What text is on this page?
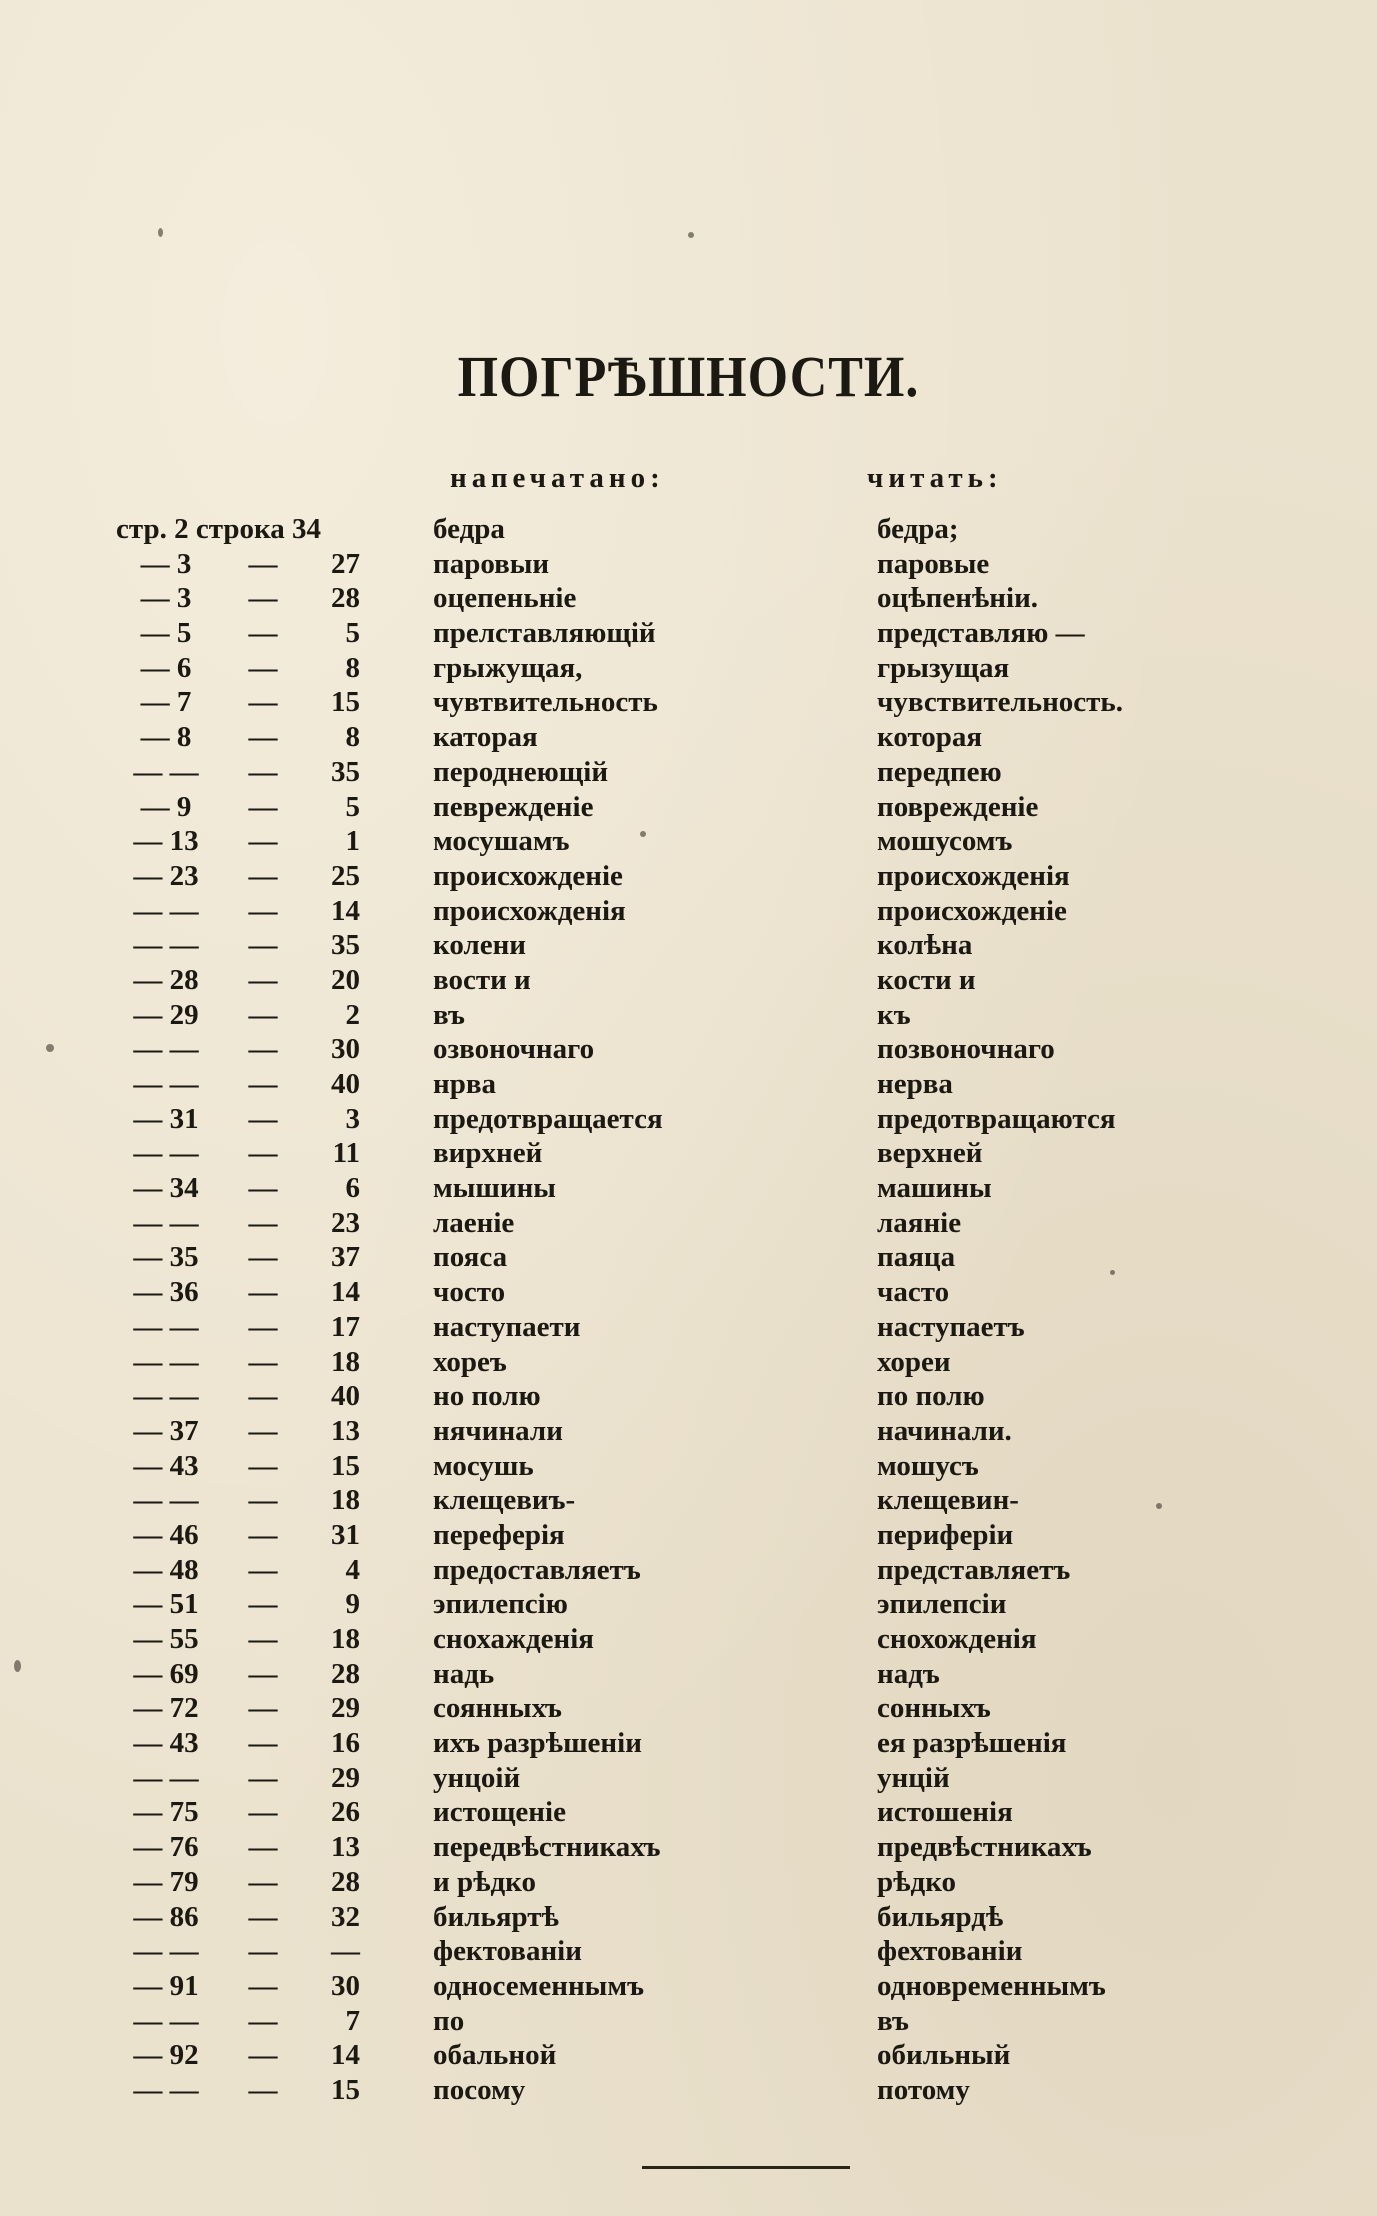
ПОГРѢШНОСТИ.
напечатано:	читать:
стр. 2 строка 34	бедра	бедра;
— 3	—	27	паровыи	паровые
— 3	—	28	оцепеньніе	оцѣпенѣніи.
— 5	—	5	прелставляющій	представляю —
— 6	—	8	грыжущая,	грызущая
— 7	—	15	чувтвительность	чувствительность.
— 8	—	8	каторая	которая
— —	—	35	пероднеющій	передпею
— 9	—	5	певрежденіе	поврежденіе
— 13	—	1	мосушамъ	мошусомъ
— 23	—	25	происхожденіе	происхожденія
— —	—	14	происхожденія	происхожденіе
— —	—	35	колени	колѣна
— 28	—	20	вости и	кости и
— 29	—	2	въ	къ
— —	—	30	озвоночнаго	позвоночнаго
— —	—	40	нрва	нерва
— 31	—	3	предотвращается	предотвращаются
— —	—	11	вирхней	верхней
— 34	—	6	мышины	машины
— —	—	23	лаеніе	лаяніе
— 35	—	37	пояса	паяца
— 36	—	14	чосто	часто
— —	—	17	наступаети	наступаетъ
— —	—	18	хореъ	хореи
— —	—	40	но полю	по полю
— 37	—	13	нячинали	начинали.
— 43	—	15	мосушь	мошусъ
— —	—	18	клещевиъ-	клещевин-
— 46	—	31	переферія	периферіи
— 48	—	4	предоставляетъ	представляетъ
— 51	—	9	эпилепсію	эпилепсіи
— 55	—	18	снохажденія	снохожденія
— 69	—	28	надь	надъ
— 72	—	29	соянныхъ	сонныхъ
— 43	—	16	ихъ разрѣшеніи	ея разрѣшенія
— —	—	29	унцоій	унцій
— 75	—	26	истощеніе	истошенія
— 76	—	13	передвѣстникахъ	предвѣстникахъ
— 79	—	28	и рѣдко	рѣдко
— 86	—	32	бильяртѣ	бильярдѣ
— —	—	—	фектованіи	фехтованіи
— 91	—	30	односеменнымъ	одновременнымъ
— —	—	7	по	въ
— 92	—	14	обальной	обильный
— —	—	15	посому	потому
